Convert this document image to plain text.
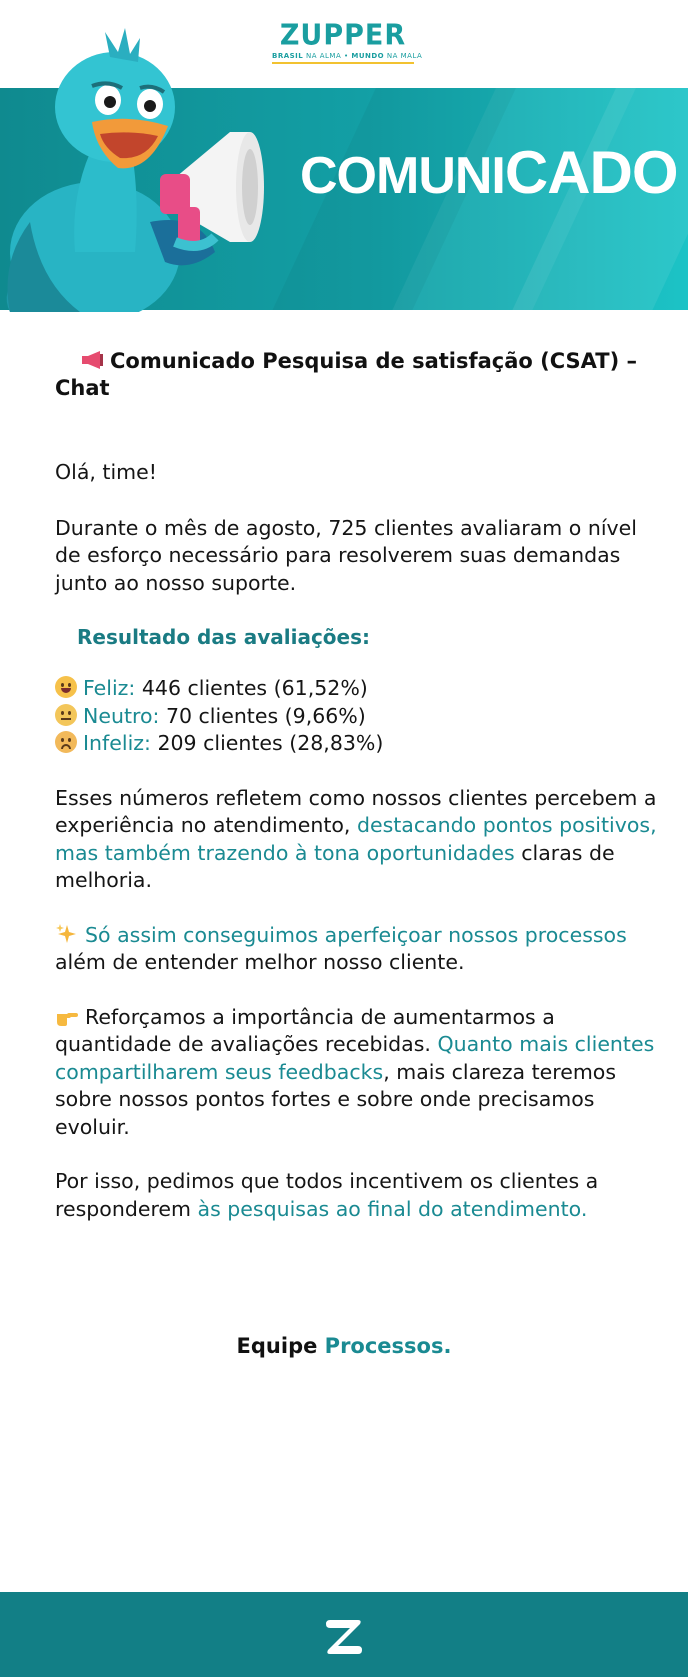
ZUPPER
BRASIL NA ALMA • MUNDO NA MALA
COMUNICADO
Comunicado Pesquisa de satisfação (CSAT) –
Chat

Olá, time!

Durante o mês de agosto, 725 clientes avaliaram o nível de esforço necessário para resolverem suas demandas junto ao nosso suporte.

Resultado das avaliações:

Feliz: 446 clientes (61,52%)

Neutro: 70 clientes (9,66%)

Infeliz: 209 clientes (28,83%)

Esses números refletem como nossos clientes percebem a experiência no atendimento, destacando pontos positivos, mas também trazendo à tona oportunidades claras de melhoria.

Só assim conseguimos aperfeiçoar nossos processos além de entender melhor nosso cliente.

Reforçamos a importância de aumentarmos a quantidade de avaliações recebidas. Quanto mais clientes compartilharem seus feedbacks, mais clareza teremos sobre nossos pontos fortes e sobre onde precisamos evoluir.

Por isso, pedimos que todos incentivem os clientes a responderem às pesquisas ao final do atendimento.

Equipe Processos.
